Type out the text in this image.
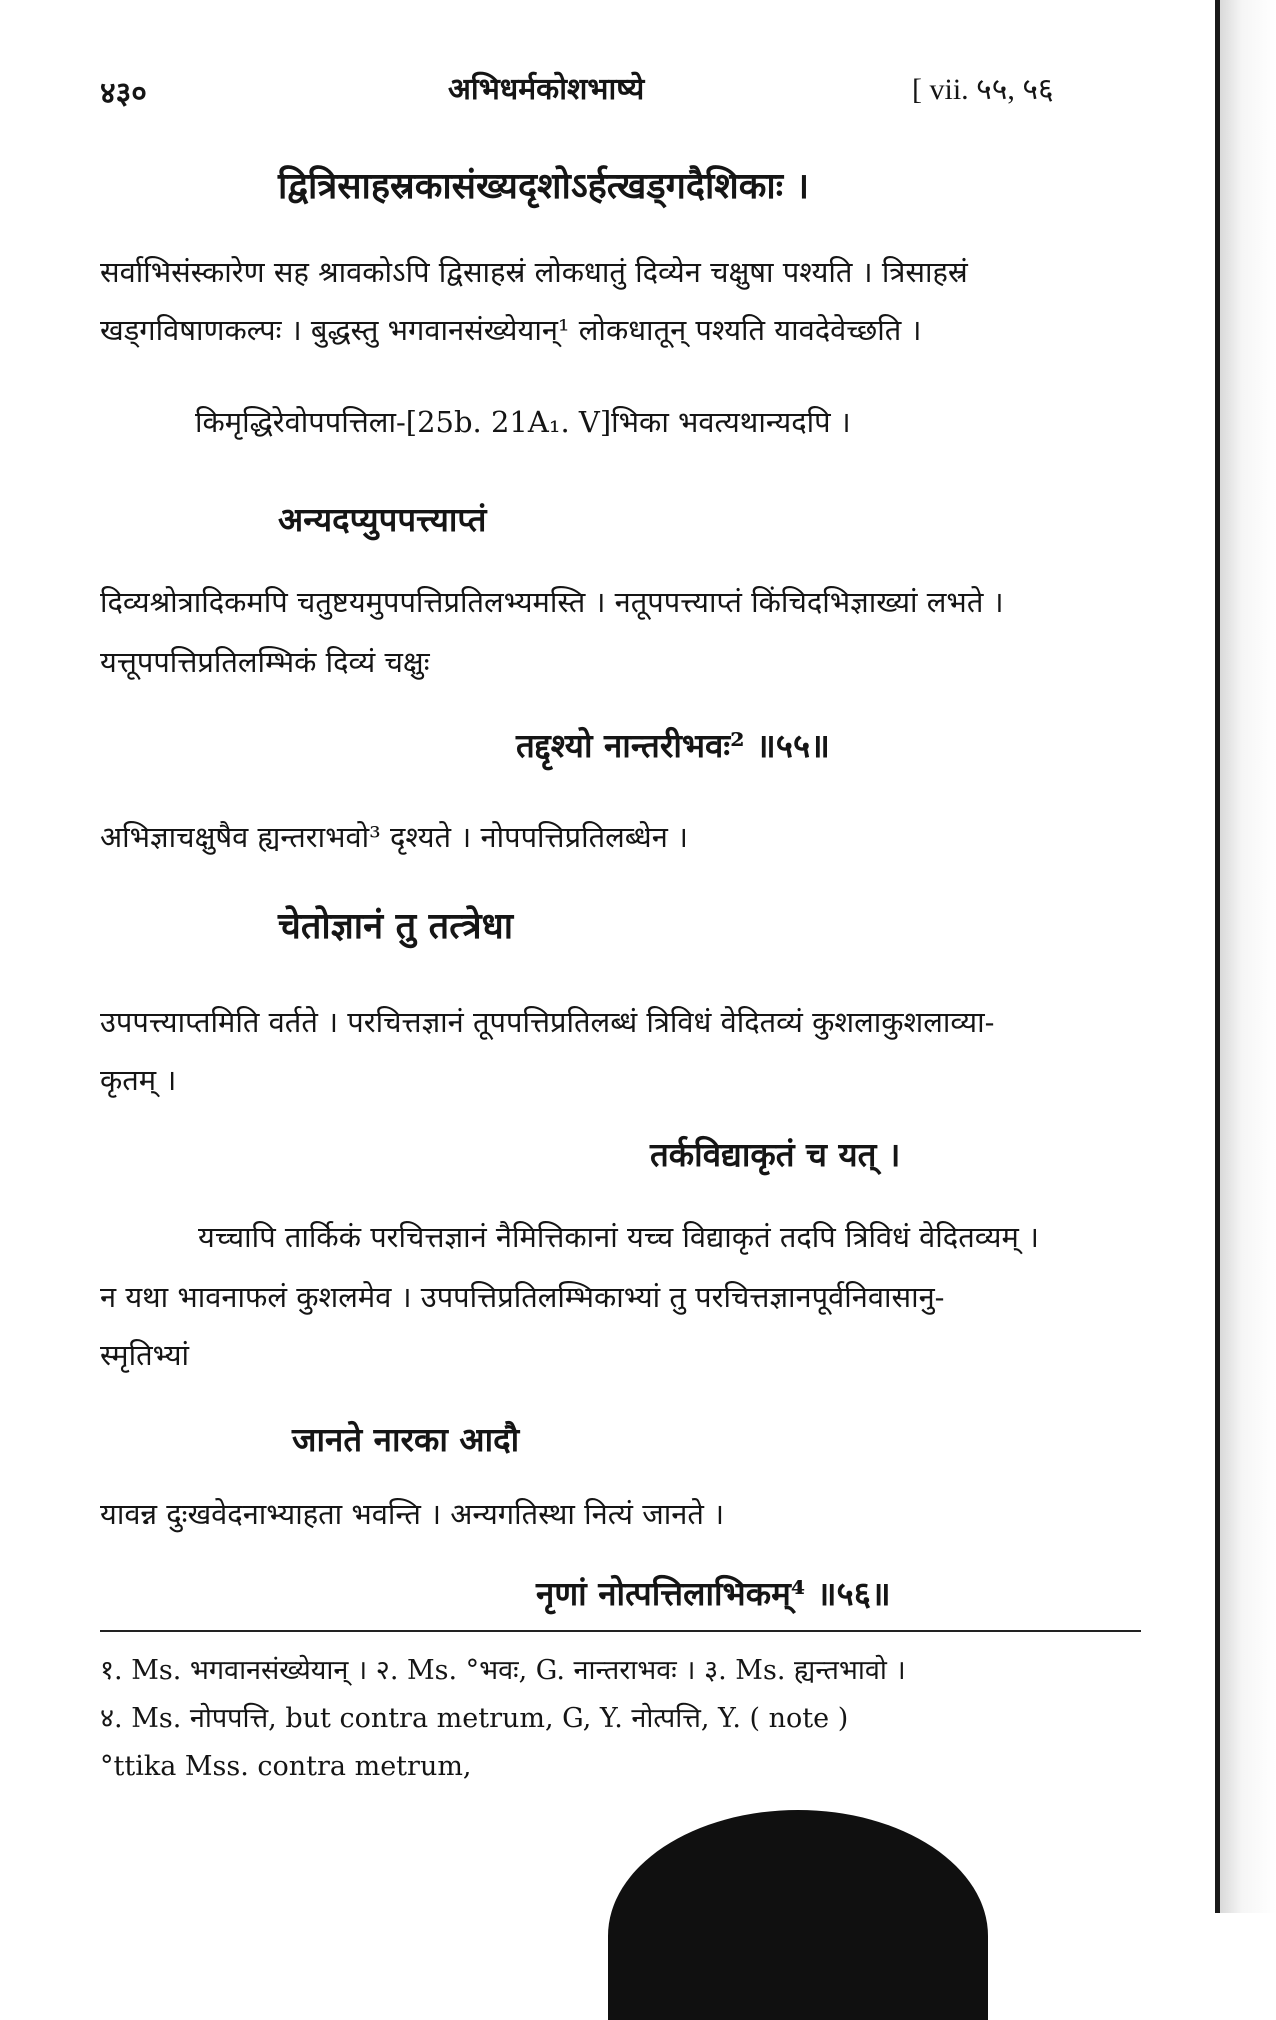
४३०	अभिधर्मकोशभाष्ये	[ vii. ५५, ५६
द्वित्रिसाहस्रकासंख्यदृशोऽर्हत्खड्गदैशिकाः ।
सर्वाभिसंस्कारेण सह श्रावकोऽपि द्विसाहस्रं लोकधातुं दिव्येन चक्षुषा पश्यति । त्रिसाहस्रं
खड्गविषाणकल्पः । बुद्धस्तु भगवानसंख्येयान्¹ लोकधातून् पश्यति यावदेवेच्छति ।
किमृद्धिरेवोपपत्तिला-[25b. 21A₁. V]भिका भवत्यथान्यदपि ।
अन्यदप्युपपत्त्याप्तं
दिव्यश्रोत्रादिकमपि चतुष्टयमुपपत्तिप्रतिलभ्यमस्ति । नतूपपत्त्याप्तं किंचिदभिज्ञाख्यां लभते ।
यत्तूपपत्तिप्रतिलम्भिकं दिव्यं चक्षुः
तद्दृश्यो नान्तरीभवः² ॥५५॥
अभिज्ञाचक्षुषैव ह्यन्तराभवो³ दृश्यते । नोपपत्तिप्रतिलब्धेन ।
चेतोज्ञानं तु तत्त्रेधा
उपपत्त्याप्तमिति वर्तते । परचित्तज्ञानं तूपपत्तिप्रतिलब्धं त्रिविधं वेदितव्यं कुशलाकुशलाव्या-
कृतम् ।
तर्कविद्याकृतं च यत् ।
यच्चापि तार्किकं परचित्तज्ञानं नैमित्तिकानां यच्च विद्याकृतं तदपि त्रिविधं वेदितव्यम् ।
न यथा भावनाफलं कुशलमेव । उपपत्तिप्रतिलम्भिकाभ्यां तु परचित्तज्ञानपूर्वनिवासानु-
स्मृतिभ्यां
जानते नारका आदौ
यावन्न दुःखवेदनाभ्याहता भवन्ति । अन्यगतिस्था नित्यं जानते ।
नृणां नोत्पत्तिलाभिकम्⁴ ॥५६॥
१. Ms. भगवानसंख्येयान् । २. Ms. °भवः, G. नान्तराभवः । ३. Ms. ह्यन्तभावो ।
४. Ms. नोपपत्ति, but contra metrum, G, Y. नोत्पत्ति, Y. ( note )
°ttika Mss. contra metrum,
